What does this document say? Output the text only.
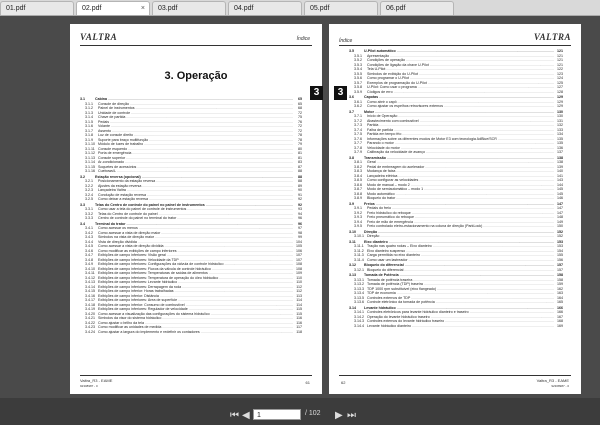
01.pdf	02.pdf	×	03.pdf	04.pdf	05.pdf	06.pdf
VALTRA	Índice
3. Operação
3.1	Cabina .....	65
3.1.1	Console de direção .....	65
3.1.2	Painel de instrumentos .....	68
3.1.3	Unidade de controle .....	72
3.1.4	Chave de partida .....	75
3.1.5	Pedais .....	76
3.1.6	Volante .....	72
3.1.7	Assento .....	72
3.1.8	Luz de console direito .....	78
3.1.9	Suporte para braço multifunção .....	78
3.1.10 Módulo de luzes de trabalho .....	79
3.1.11 Console esquerdo .....	80
3.1.12 Porta de emergência .....	81
3.1.13 Console superior .....	81
3.1.14 Ar-condicionado .....	83
3.1.15 Soquetes de acessórios .....	87
3.1.16 Cuebows/L .....	88
3.2	Estação reversa (opcional) .....	88
3.2.1	Posicionamento da estação reversa .....	88
3.2.2	Ajustes da estação reversa .....	89
3.2.3	Lançadeira Valtra .....	90
3.2.4	Condução de estação reversa .....	91
3.2.5	Como deixar a estação reversa .....	92
3.3	Telas do Centro de controle do painel no painel de instrumentos .....	92
3.3.1	Como usar a tela do painel de controle de instrumentos .....	93
3.3.2	Telas do Centro de controle do painel .....	94
3.3.3	Centro de controle do painel no terminal do trator .....	96
3.4	Terminal do trator .....	96
3.4.1	Como acessar os menus .....	97
3.4.2	Como acessar a vista de direção maior .....	98
3.4.3	Símbolos na vista de direção maior .....	99
3.4.4	Vista de direção dividida .....	104
3.4.5	Como acessar a vista de direção dividida .....	105
3.4.6	Como modificar as exibições de campo inferiores .....	106
3.4.7	Exibições de campo inferiores: Visão geral .....	107
3.4.8	Exibições de campo inferiores: Velocidade da TDP .....	107
3.4.9	Exibições de campo inferiores: Configurações da válvula de controle hidráulico .....	108
3.4.10 Exibições de campo inferiores: Fluxos da válvula de controle hidráulico .....	108
3.4.11 Exibições de campo inferiores: Temperaturas de saídas de alimentos .....	109
3.4.12 Exibições de campo inferiores: Temperatura de operação do óleo hidráulico .....	110
3.4.13 Exibições de campo inferiores: Levante hidráulico .....	110
3.4.14 Exibições de campo inferiores: Derrapagem da roda .....	112
3.4.15 Exibições de campo inferior: Horas trabalhadas .....	112
3.4.16 Exibições de campo inferior: Distância .....	113
3.4.17 Exibições de campo inferiores: Área de superfície .....	114
3.4.18 Exibições de campo inferior: Consumo de combustível .....	114
3.4.19 Exibições de campo inferiores: Regulador de velocidade .....	115
3.4.20 Como acessar a visualização das configurações do sistema hidráulico .....	115
3.4.21 Símbolos da visor do sistema hidráulico .....	116
3.4.22 Como ajustar o brilho da tela .....	116
3.4.23 Como modificar as unidades de medida .....	117
3.4.24 Como ajustar a largura do implemento e redefinir os contadores .....	118
Valtra_R3 - EAME
92308987 - 0
61
3
Índice	VALTRA
3.5	U-Pilot automático .....	121
3.5.1	Apresentação .....	121
3.5.2	Condições de operação .....	121
3.5.3	Condições de ligação da chave U-Pilot .....	121
3.5.4	Tela U-Pilot .....	122
3.5.5	Símbolos de exibição do U-Pilot .....	123
3.5.6	Como programar o U-Pilot .....	124
3.5.7	Exemplos de programação do U-Pilot .....	125
3.5.8	U-Pilot: Como usar o programa .....	127
3.5.9	Códigos de erro .....	128
3.6	Capotas .....	129
3.6.1	Como abrir o capô .....	129
3.6.2	Como ajustar os espelhos retrovisores externos .....	129
3.7	Motor .....	130
3.7.1	Início de Operação .....	130
3.7.2	Abastecimento com combustível .....	131
3.7.3	Partida .....	132
3.7.4	Falha de partida .....	133
3.7.5	Partida em tempo frio .....	134
3.7.6	Informações sobre os diferentes modos de Motor E3 com tecnologia AdBlue/SCR .....	135
3.7.7	Parando o motor .....	135
3.7.8	Velocidade do motor .....	136
3.7.9	Calibração da velocidade de avanço .....	137
3.8	Transmissão .....	138
3.8.1	Geral .....	138
3.8.2	Pedal de embreagem do acelerador .....	139
3.8.3	Mudança de faixa .....	140
3.8.4	Lançadeira elétrica .....	141
3.8.5	Como configurar as velocidades .....	143
3.8.6	Modo de manual – modo 2 .....	144
3.8.7	Modo de semiautomático – modo 1 .....	145
3.8.8	Modo automático .....	145
3.8.9	Bloqueio do trator .....	146
3.9	Freios .....	147
3.9.1	Pedais do freio .....	147
3.9.2	Freio hidráulico do reboque .....	147
3.9.3	Freio pneumático do reboque .....	148
3.9.4	Freio de mão de emergência .....	149
3.9.5	Freio controlado eletro-estacionamento na coluna de direção (ParkLock) .....	150
3.10	Direção .....	152
3.10.1 Direção .....	152
3.11	Eixo dianteiro .....	153
3.11.1 Tração nas quatro rodas – Eixo dianteiro .....	153
3.11.2 Eixo dianteiro suspenso .....	154
3.11.3 Carga permitida no eixo dianteiro .....	155
3.11.4 Como usar um lastreador .....	156
3.12	Bloqueio do diferencial .....	157
3.12.1 Bloqueio do diferencial .....	157
3.13	Tomada de Potência .....	158
3.13.1 Tomada de potência traseira .....	158
3.13.2 Tomada de potência (TDP) traseira .....	159
3.13.3 TDP 1000 rpm substituível (eixo flangeado) .....	162
3.13.4 TDP de economia .....	163
3.13.5 Controles externos de TDP .....	164
3.13.6 Controle eletrônico da tomada de potência .....	165
3.14	Levante hidráulico .....	166
3.14.1 Controles eletrônicos para levante hidráulico dianteiro e traseiro .....	166
3.14.2 Operação do levante hidráulico traseiro .....	167
3.14.3 Controles externos do levante hidráulico traseiro .....	168
3.14.4 Levante hidráulico dianteiro .....	169
62	Valtra_R3 - EAME
92308987 - 0
3
⏮ ◀	1	/ 102 ▶ ⏭
